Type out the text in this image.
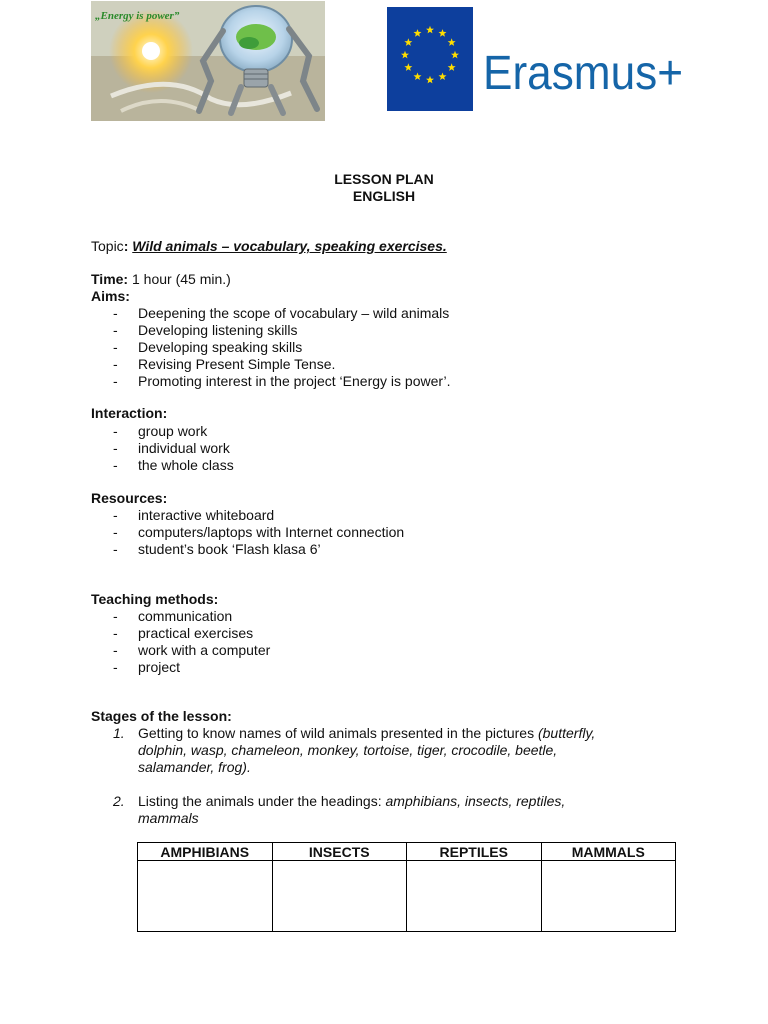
„Energy is power”
Erasmus+
LESSON PLAN
ENGLISH
Topic: Wild animals – vocabulary, speaking exercises.
Time: 1 hour (45 min.)
Aims:
- Deepening the scope of vocabulary – wild animals
- Developing listening skills
- Developing speaking skills
- Revising Present Simple Tense.
- Promoting interest in the project ‘Energy is power’.
Interaction:
- group work
- individual work
- the whole class
Resources:
- interactive whiteboard
- computers/laptops with Internet connection
- student’s book ‘Flash klasa 6’
Teaching methods:
- communication
- practical exercises
- work with a computer
- project
Stages of the lesson:
1. Getting to know names of wild animals presented in the pictures (butterfly,
dolphin, wasp, chameleon, monkey, tortoise, tiger, crocodile, beetle,
salamander, frog).
2. Listing the animals under the headings: amphibians, insects, reptiles,
mammals
AMPHIBIANS	INSECTS	REPTILES	MAMMALS
